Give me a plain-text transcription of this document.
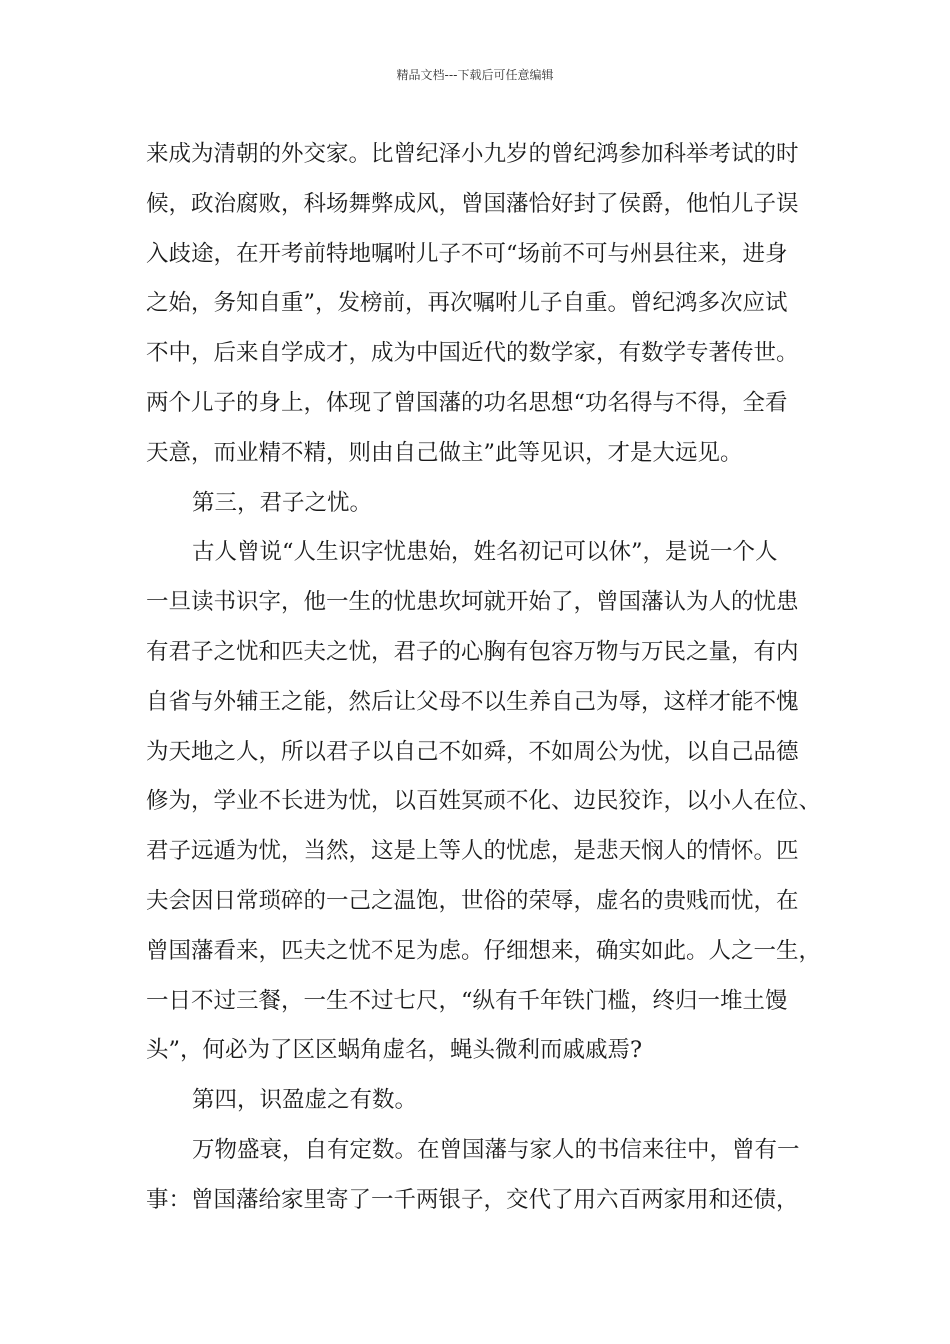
精品文档---下载后可任意编辑
来成为清朝的外交家。比曾纪泽小九岁的曾纪鸿参加科举考试的时
候，政治腐败，科场舞弊成风，曾国藩恰好封了侯爵，他怕儿子误
入歧途，在开考前特地嘱咐儿子不可“场前不可与州县往来，进身
之始，务知自重”，发榜前，再次嘱咐儿子自重。曾纪鸿多次应试
不中，后来自学成才，成为中国近代的数学家，有数学专著传世。
两个儿子的身上，体现了曾国藩的功名思想“功名得与不得，全看
天意，而业精不精，则由自己做主”此等见识，才是大远见。
第三，君子之忧。
古人曾说“人生识字忧患始，姓名初记可以休”，是说一个人
一旦读书识字，他一生的忧患坎坷就开始了，曾国藩认为人的忧患
有君子之忧和匹夫之忧，君子的心胸有包容万物与万民之量，有内
自省与外辅王之能，然后让父母不以生养自己为辱，这样才能不愧
为天地之人，所以君子以自己不如舜，不如周公为忧，以自己品德
修为，学业不长进为忧，以百姓冥顽不化、边民狡诈，以小人在位、
君子远遁为忧，当然，这是上等人的忧虑，是悲天悯人的情怀。匹
夫会因日常琐碎的一己之温饱，世俗的荣辱，虚名的贵贱而忧，在
曾国藩看来，匹夫之忧不足为虑。仔细想来，确实如此。人之一生，
一日不过三餐，一生不过七尺，“纵有千年铁门槛，终归一堆土馒
头”，何必为了区区蜗角虚名，蝇头微利而戚戚焉?
第四，识盈虚之有数。
万物盛衰，自有定数。在曾国藩与家人的书信来往中，曾有一
事：曾国藩给家里寄了一千两银子，交代了用六百两家用和还债，
